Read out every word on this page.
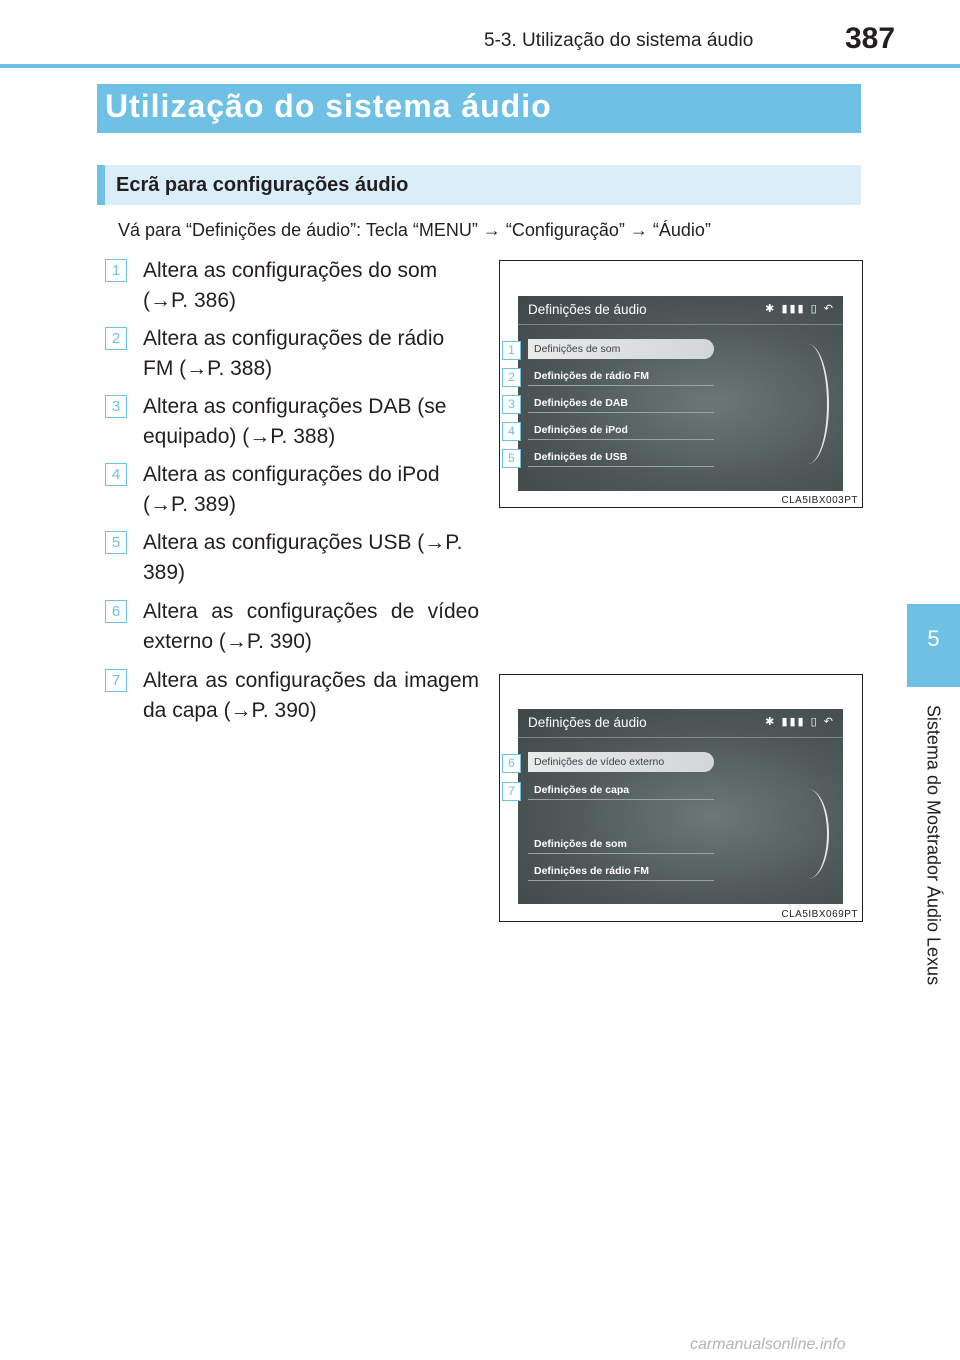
5-3. Utilização do sistema áudio	387
5
Sistema do Mostrador Áudio Lexus
Utilização do sistema áudio
Ecrã para configurações áudio
Vá para “Definições de áudio”: Tecla “MENU” → “Configuração” → “Áudio”
1	Altera as configurações do som (→P. 386)
2	Altera as configurações de rádio FM (→P. 388)
3	Altera as configurações DAB (se equipado) (→P. 388)
4	Altera as configurações do iPod (→P. 389)
5	Altera as configurações USB (→P. 389)
6	Altera as configurações de vídeo externo (→P. 390)
7	Altera as configurações da imagem da capa (→P. 390)
Definições de áudio	✱ ▮▮▮ ▯ ↶
Definições de som
Definições de rádio FM
Definições de DAB
Definições de iPod
Definições de USB
1
2
3
4
5
CLA5IBX003PT
Definições de áudio	✱ ▮▮▮ ▯ ↶
Definições de vídeo externo
Definições de capa
Definições de som
Definições de rádio FM
6
7
CLA5IBX069PT
carmanualsonline.info
